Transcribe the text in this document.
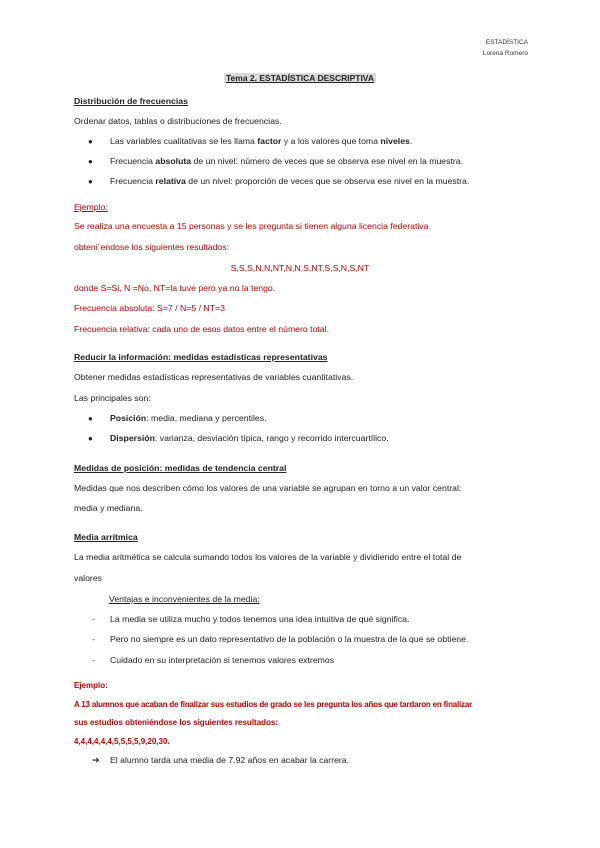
ESTADÍSTICA
Lorena Romero
Tema 2. ESTADÍSTICA DESCRIPTIVA
Distribución de frecuencias
Ordenar datos, tablas o distribuciones de frecuencias.
● Las variables cualitativas se les llama factor y a los valores que toma niveles.
● Frecuencia absoluta de un nivel: número de veces que se observa ese nivel en la muestra.
● Frecuencia relativa de un nivel: proporción de veces que se observa ese nivel en la muestra.
Ejemplo:
Se realiza una encuesta a 15 personas y se les pregunta si tienen alguna licencia federativa
obteni´endose los siguientes resultados:
S,S,S,N,N,NT,N,N,S,NT,S,S,N,S,NT
donde S=Si, N =No, NT=la tuve pero ya no la tengo.
Frecuencia absoluta: S=7 / N=5 / NT=3
Frecuencia relativa: cada uno de esos datos entre el número total.
Reducir la información: medidas estadísticas representativas
Obtener medidas estadísticas representativas de variables cuantitativas.
Las principales son:
● Posición: media, mediana y percentiles.
● Dispersión: varianza, desviación típica, rango y recorrido intercuartílico.
Medidas de posición: medidas de tendencia central
Medidas que nos describen cómo los valores de una variable se agrupan en torno a un valor central:
media y mediana.
Media arrítmica
La media aritmética se calcula sumando todos los valores de la variable y dividiendo entre el total de
valores
Ventajas e inconvenientes de la media:
- La media se utiliza mucho y todos tenemos una idea intuitiva de qué significa.
- Pero no siempre es un dato representativo de la población o la muestra de la que se obtiene.
- Cuidado en su interpretación si tenemos valores extremos
Ejemplo:
A 13 alumnos que acaban de finalizar sus estudios de grado se les pregunta los años que tardaron en finalizar
sus estudios obteniéndose los siguientes resultados:
4,4,4,4,4,4,5,5,5,5,9,20,30.
➔ El alumno tarda una media de 7.92 años en acabar la carrera.
